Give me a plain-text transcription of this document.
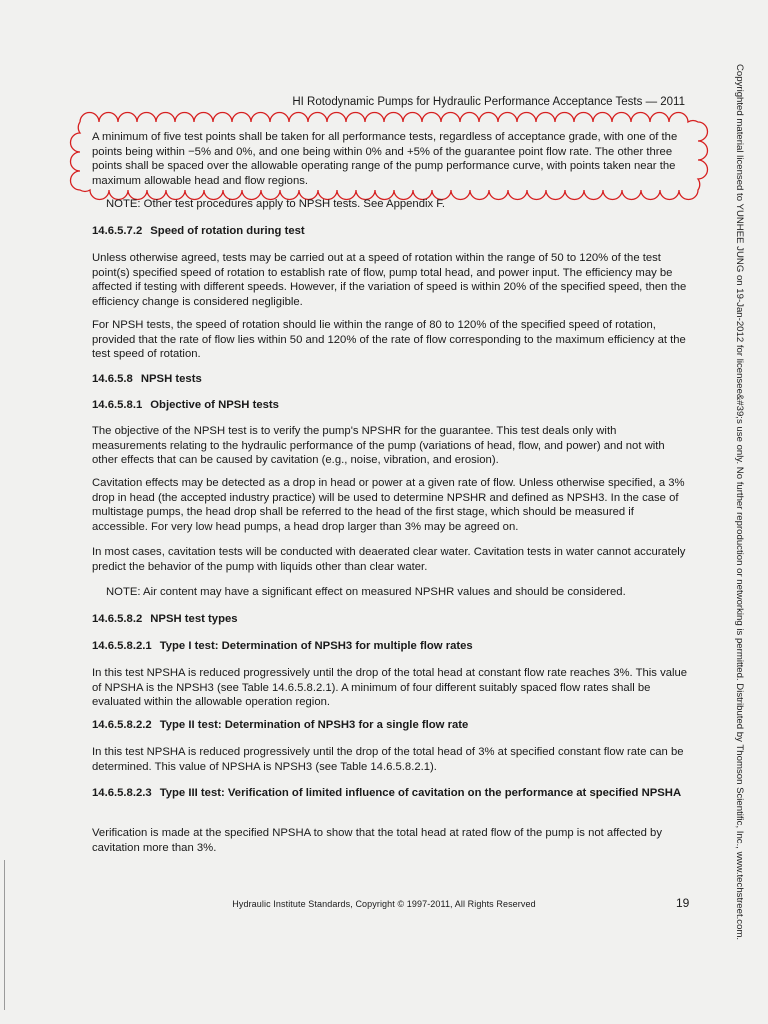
HI Rotodynamic Pumps for Hydraulic Performance Acceptance Tests — 2011
A minimum of five test points shall be taken for all performance tests, regardless of acceptance grade, with one of the points being within −5% and 0%, and one being within 0% and +5% of the guarantee point flow rate. The other three points shall be spaced over the allowable operating range of the pump performance curve, with points taken near the maximum allowable head and flow regions.

NOTE: Other test procedures apply to NPSH tests. See Appendix F.

14.6.5.7.2 Speed of rotation during test

Unless otherwise agreed, tests may be carried out at a speed of rotation within the range of 50 to 120% of the test point(s) specified speed of rotation to establish rate of flow, pump total head, and power input. The efficiency may be affected if testing with different speeds. However, if the variation of speed is within 20% of the specified speed, then the efficiency change is considered negligible.

For NPSH tests, the speed of rotation should lie within the range of 80 to 120% of the specified speed of rotation, provided that the rate of flow lies within 50 and 120% of the rate of flow corresponding to the maximum efficiency at the test speed of rotation.

14.6.5.8 NPSH tests

14.6.5.8.1 Objective of NPSH tests

The objective of the NPSH test is to verify the pump's NPSHR for the guarantee. This test deals only with measurements relating to the hydraulic performance of the pump (variations of head, flow, and power) and not with other effects that can be caused by cavitation (e.g., noise, vibration, and erosion).

Cavitation effects may be detected as a drop in head or power at a given rate of flow. Unless otherwise specified, a 3% drop in head (the accepted industry practice) will be used to determine NPSHR and defined as NPSH3. In the case of multistage pumps, the head drop shall be referred to the head of the first stage, which should be measured if accessible. For very low head pumps, a head drop larger than 3% may be agreed on.

In most cases, cavitation tests will be conducted with deaerated clear water. Cavitation tests in water cannot accurately predict the behavior of the pump with liquids other than clear water.

NOTE: Air content may have a significant effect on measured NPSHR values and should be considered.

14.6.5.8.2 NPSH test types

14.6.5.8.2.1 Type I test: Determination of NPSH3 for multiple flow rates

In this test NPSHA is reduced progressively until the drop of the total head at constant flow rate reaches 3%. This value of NPSHA is the NPSH3 (see Table 14.6.5.8.2.1). A minimum of four different suitably spaced flow rates shall be evaluated within the allowable operation region.

14.6.5.8.2.2 Type II test: Determination of NPSH3 for a single flow rate

In this test NPSHA is reduced progressively until the drop of the total head of 3% at specified constant flow rate can be determined. This value of NPSHA is NPSH3 (see Table 14.6.5.8.2.1).

14.6.5.8.2.3 Type III test: Verification of limited influence of cavitation on the performance at specified NPSHA

Verification is made at the specified NPSHA to show that the total head at rated flow of the pump is not affected by cavitation more than 3%.

Hydraulic Institute Standards, Copyright © 1997-2011, All Rights Reserved	19	Copyrighted material licensed to YUNHEE JUNG on 19-Jan-2012 for licensee&#39;s use only. No further reproduction or networking is permitted. Distributed by Thomson Scientific, Inc., www.techstreet.com.
